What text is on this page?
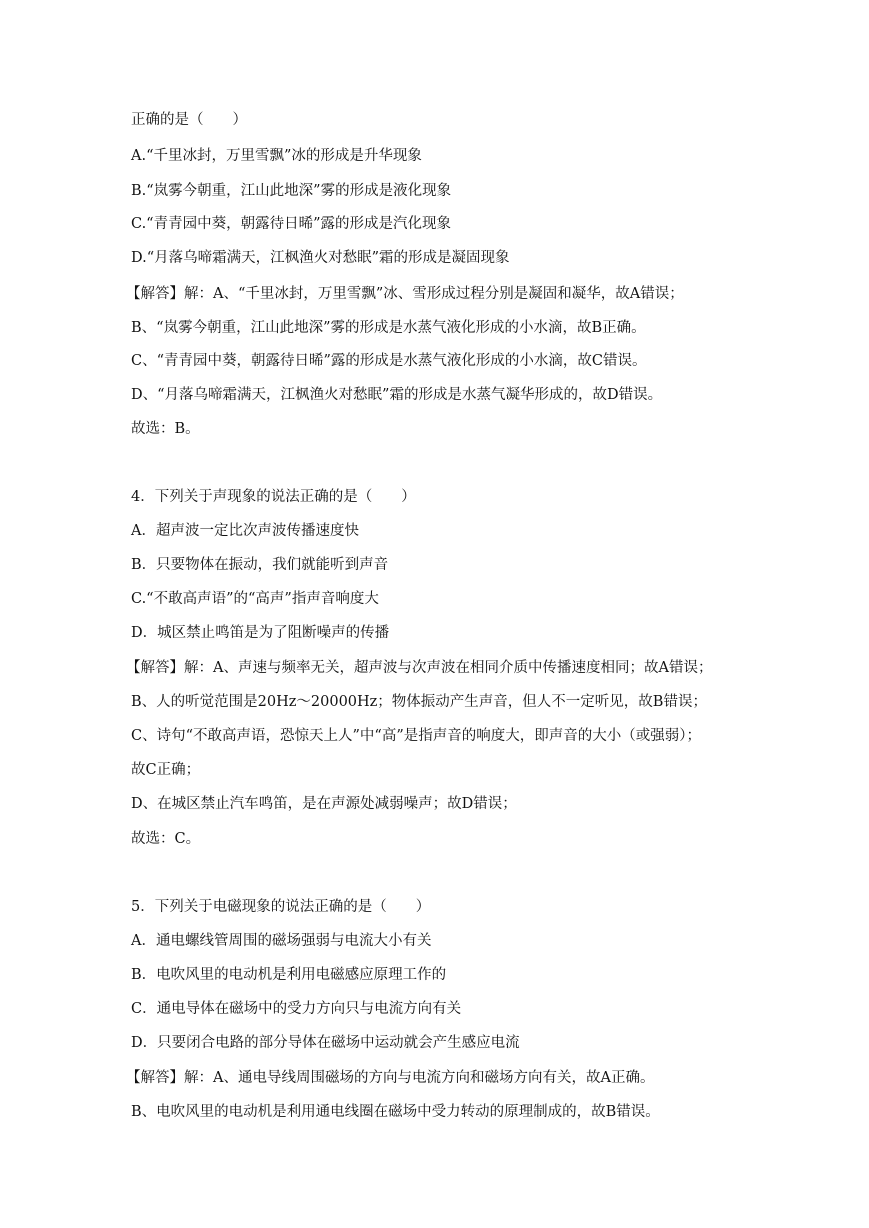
正确的是（　　）
A.“千里冰封，万里雪飘”冰的形成是升华现象
B.“岚雾今朝重，江山此地深”雾的形成是液化现象
C.“青青园中葵，朝露待日晞”露的形成是汽化现象
D.“月落乌啼霜满天，江枫渔火对愁眠”霜的形成是凝固现象
【解答】解：A、“千里冰封，万里雪飘”冰、雪形成过程分别是凝固和凝华，故A错误；
B、“岚雾今朝重，江山此地深”雾的形成是水蒸气液化形成的小水滴，故B正确。
C、“青青园中葵，朝露待日晞”露的形成是水蒸气液化形成的小水滴，故C错误。
D、“月落乌啼霜满天，江枫渔火对愁眠”霜的形成是水蒸气凝华形成的，故D错误。
故选：B。
4．下列关于声现象的说法正确的是（　　）
A．超声波一定比次声波传播速度快
B．只要物体在振动，我们就能听到声音
C.“不敢高声语”的“高声”指声音响度大
D．城区禁止鸣笛是为了阻断噪声的传播
【解答】解：A、声速与频率无关，超声波与次声波在相同介质中传播速度相同；故A错误；
B、人的听觉范围是20Hz～20000Hz；物体振动产生声音，但人不一定听见，故B错误；
C、诗句“不敢高声语，恐惊天上人”中“高”是指声音的响度大，即声音的大小（或强弱）；
故C正确；
D、在城区禁止汽车鸣笛，是在声源处减弱噪声；故D错误；
故选：C。
5．下列关于电磁现象的说法正确的是（　　）
A．通电螺线管周围的磁场强弱与电流大小有关
B．电吹风里的电动机是利用电磁感应原理工作的
C．通电导体在磁场中的受力方向只与电流方向有关
D．只要闭合电路的部分导体在磁场中运动就会产生感应电流
【解答】解：A、通电导线周围磁场的方向与电流方向和磁场方向有关，故A正确。
B、电吹风里的电动机是利用通电线圈在磁场中受力转动的原理制成的，故B错误。
